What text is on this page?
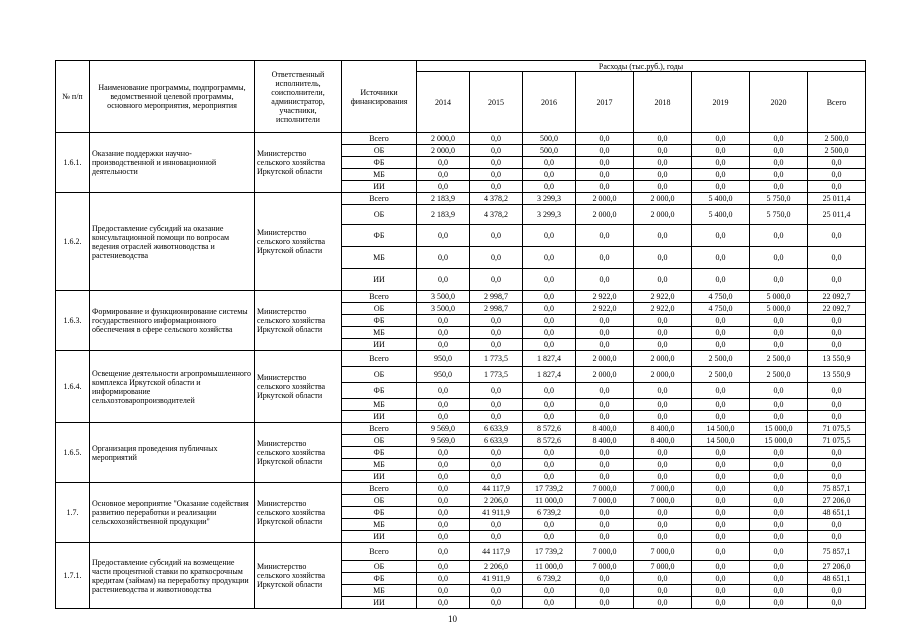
№ п/п	Наименование программы, подпрограммы, ведомственной целевой программы, основного мероприятия, мероприятия	Ответственный исполнитель, соисполнители, администратор, участники, исполнители	Источники финансирования	Расходы (тыс.руб.), годы							
				2014	2015	2016	2017	2018	2019	2020	Всего
1.6.1.	Оказание поддержки научно-производственной и инновационной деятельности	Министерство сельского хозяйства Иркутской области	Всего	2 000,0	0,0	500,0	0,0	0,0	0,0	0,0	2 500,0
			ОБ	2 000,0	0,0	500,0	0,0	0,0	0,0	0,0	2 500,0
			ФБ	0,0	0,0	0,0	0,0	0,0	0,0	0,0	0,0
			МБ	0,0	0,0	0,0	0,0	0,0	0,0	0,0	0,0
			ИИ	0,0	0,0	0,0	0,0	0,0	0,0	0,0	0,0
1.6.2.	Предоставление субсидий на оказание консультационной помощи по вопросам ведения отраслей животноводства и растениеводства	Министерство сельского хозяйства Иркутской области	Всего	2 183,9	4 378,2	3 299,3	2 000,0	2 000,0	5 400,0	5 750,0	25 011,4
			ОБ	2 183,9	4 378,2	3 299,3	2 000,0	2 000,0	5 400,0	5 750,0	25 011,4
			ФБ	0,0	0,0	0,0	0,0	0,0	0,0	0,0	0,0
			МБ	0,0	0,0	0,0	0,0	0,0	0,0	0,0	0,0
			ИИ	0,0	0,0	0,0	0,0	0,0	0,0	0,0	0,0
1.6.3.	Формирование и функционирование системы государственного информационного обеспечения в сфере сельского хозяйства	Министерство сельского хозяйства Иркутской области	Всего	3 500,0	2 998,7	0,0	2 922,0	2 922,0	4 750,0	5 000,0	22 092,7
			ОБ	3 500,0	2 998,7	0,0	2 922,0	2 922,0	4 750,0	5 000,0	22 092,7
			ФБ	0,0	0,0	0,0	0,0	0,0	0,0	0,0	0,0
			МБ	0,0	0,0	0,0	0,0	0,0	0,0	0,0	0,0
			ИИ	0,0	0,0	0,0	0,0	0,0	0,0	0,0	0,0
1.6.4.	Освещение деятельности агропромышленного комплекса Иркутской области и информирование сельхозтоваропроизводителей	Министерство сельского хозяйства Иркутской области	Всего	950,0	1 773,5	1 827,4	2 000,0	2 000,0	2 500,0	2 500,0	13 550,9
			ОБ	950,0	1 773,5	1 827,4	2 000,0	2 000,0	2 500,0	2 500,0	13 550,9
			ФБ	0,0	0,0	0,0	0,0	0,0	0,0	0,0	0,0
			МБ	0,0	0,0	0,0	0,0	0,0	0,0	0,0	0,0
			ИИ	0,0	0,0	0,0	0,0	0,0	0,0	0,0	0,0
1.6.5.	Организация проведения публичных мероприятий	Министерство сельского хозяйства Иркутской области	Всего	9 569,0	6 633,9	8 572,6	8 400,0	8 400,0	14 500,0	15 000,0	71 075,5
			ОБ	9 569,0	6 633,9	8 572,6	8 400,0	8 400,0	14 500,0	15 000,0	71 075,5
			ФБ	0,0	0,0	0,0	0,0	0,0	0,0	0,0	0,0
			МБ	0,0	0,0	0,0	0,0	0,0	0,0	0,0	0,0
			ИИ	0,0	0,0	0,0	0,0	0,0	0,0	0,0	0,0
1.7.	Основное мероприятие "Оказание содействия развитию переработки и реализации сельскохозяйственной продукции"	Министерство сельского хозяйства Иркутской области	Всего	0,0	44 117,9	17 739,2	7 000,0	7 000,0	0,0	0,0	75 857,1
			ОБ	0,0	2 206,0	11 000,0	7 000,0	7 000,0	0,0	0,0	27 206,0
			ФБ	0,0	41 911,9	6 739,2	0,0	0,0	0,0	0,0	48 651,1
			МБ	0,0	0,0	0,0	0,0	0,0	0,0	0,0	0,0
			ИИ	0,0	0,0	0,0	0,0	0,0	0,0	0,0	0,0
1.7.1.	Предоставление субсидий на возмещение части процентной ставки по краткосрочным кредитам (займам) на переработку продукции растениеводства и животноводства	Министерство сельского хозяйства Иркутской области	Всего	0,0	44 117,9	17 739,2	7 000,0	7 000,0	0,0	0,0	75 857,1
			ОБ	0,0	2 206,0	11 000,0	7 000,0	7 000,0	0,0	0,0	27 206,0
			ФБ	0,0	41 911,9	6 739,2	0,0	0,0	0,0	0,0	48 651,1
			МБ	0,0	0,0	0,0	0,0	0,0	0,0	0,0	0,0
			ИИ	0,0	0,0	0,0	0,0	0,0	0,0	0,0	0,0
10
